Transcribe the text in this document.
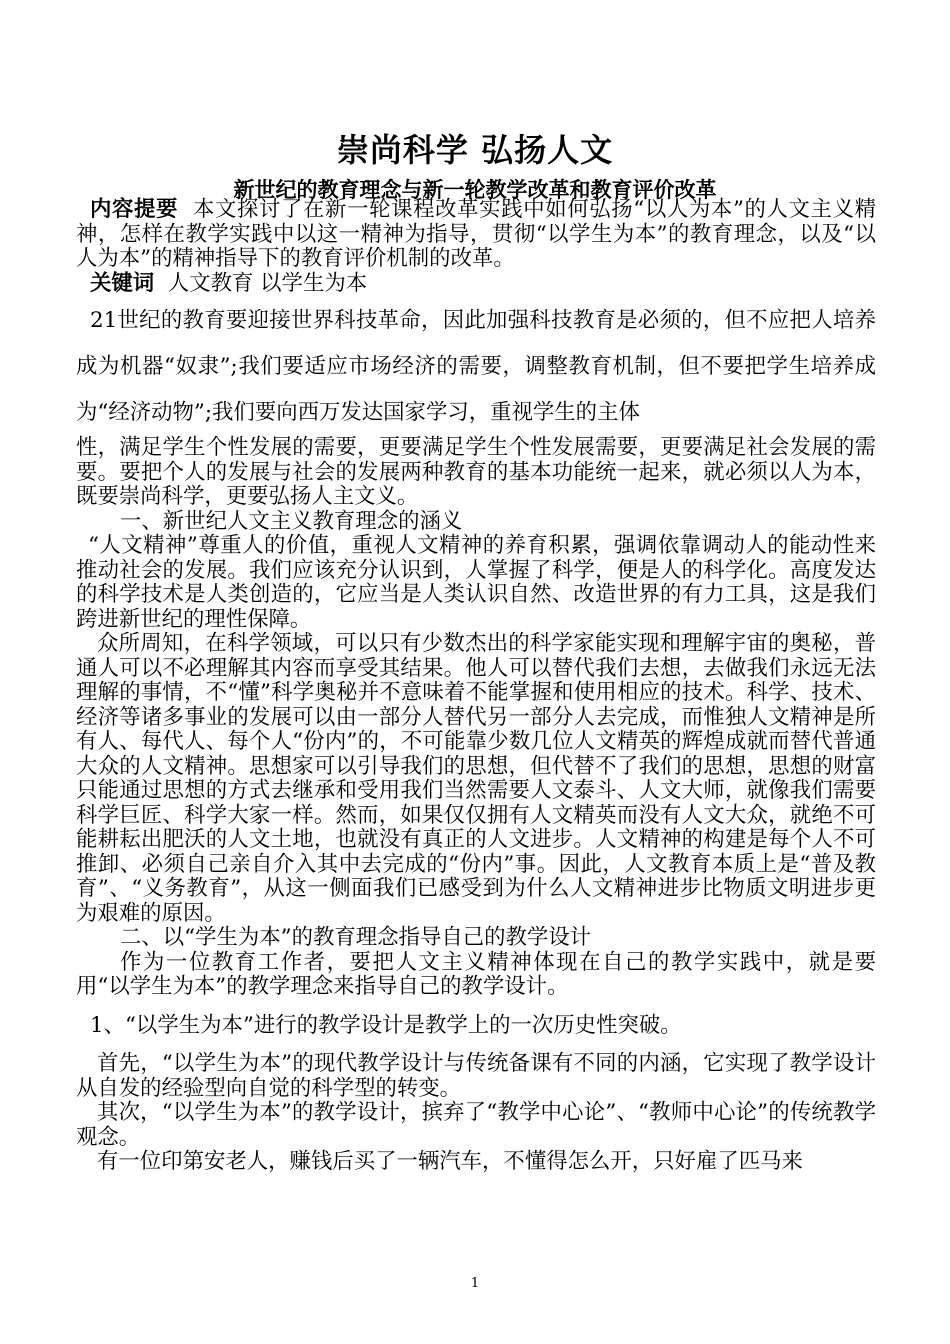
崇尚科学 弘扬人文
新世纪的教育理念与新一轮教学改革和教育评价改革

内容提要 本文探讨了在新一轮课程改革实践中如何弘扬“以人为本”的人文主义精神，怎样在教学实践中以这一精神为指导，贯彻“以学生为本”的教育理念，以及“以人为本”的精神指导下的教育评价机制的改革。

关键词 人文教育 以学生为本

21世纪的教育要迎接世界科技革命，因此加强科技教育是必须的，但不应把人培养成为机器“奴隶”;我们要适应市场经济的需要，调整教育机制，但不要把学生培养成为“经济动物”;我们要向西万发达国家学习，重视学生的主体

性，满足学生个性发展的需要，更要满足学生个性发展需要，更要满足社会发展的需要。要把个人的发展与社会的发展两种教育的基本功能统一起来，就必须以人为本，既要崇尚科学，更要弘扬人主文义。

一、新世纪人文主义教育理念的涵义

“人文精神”尊重人的价值，重视人文精神的养育积累，强调依靠调动人的能动性来推动社会的发展。我们应该充分认识到，人掌握了科学，便是人的科学化。高度发达的科学技术是人类创造的，它应当是人类认识自然、改造世界的有力工具，这是我们跨进新世纪的理性保障。

众所周知，在科学领域，可以只有少数杰出的科学家能实现和理解宇宙的奥秘，普通人可以不必理解其内容而享受其结果。他人可以替代我们去想，去做我们永远无法理解的事情，不“懂”科学奥秘并不意味着不能掌握和使用相应的技术。科学、技术、经济等诸多事业的发展可以由一部分人替代另一部分人去完成，而惟独人文精神是所有人、每代人、每个人“份内”的，不可能靠少数几位人文精英的辉煌成就而替代普通大众的人文精神。思想家可以引导我们的思想，但代替不了我们的思想，思想的财富只能通过思想的方式去继承和受用我们当然需要人文泰斗、人文大师，就像我们需要科学巨匠、科学大家一样。然而，如果仅仅拥有人文精英而没有人文大众，就绝不可能耕耘出肥沃的人文土地，也就没有真正的人文进步。人文精神的构建是每个人不可推卸、必须自己亲自介入其中去完成的“份内”事。因此，人文教育本质上是“普及教育”、“义务教育”，从这一侧面我们已感受到为什么人文精神进步比物质文明进步更为艰难的原因。

二、以“学生为本”的教育理念指导自己的教学设计

作为一位教育工作者，要把人文主义精神体现在自己的教学实践中，就是要用“以学生为本”的教学理念来指导自己的教学设计。

1、“以学生为本”进行的教学设计是教学上的一次历史性突破。

首先，“以学生为本”的现代教学设计与传统备课有不同的内涵，它实现了教学设计从自发的经验型向自觉的科学型的转变。

其次，“以学生为本”的教学设计，摈弃了“教学中心论”、“教师中心论”的传统教学观念。

有一位印第安老人，赚钱后买了一辆汽车，不懂得怎么开，只好雇了匹马来

1
